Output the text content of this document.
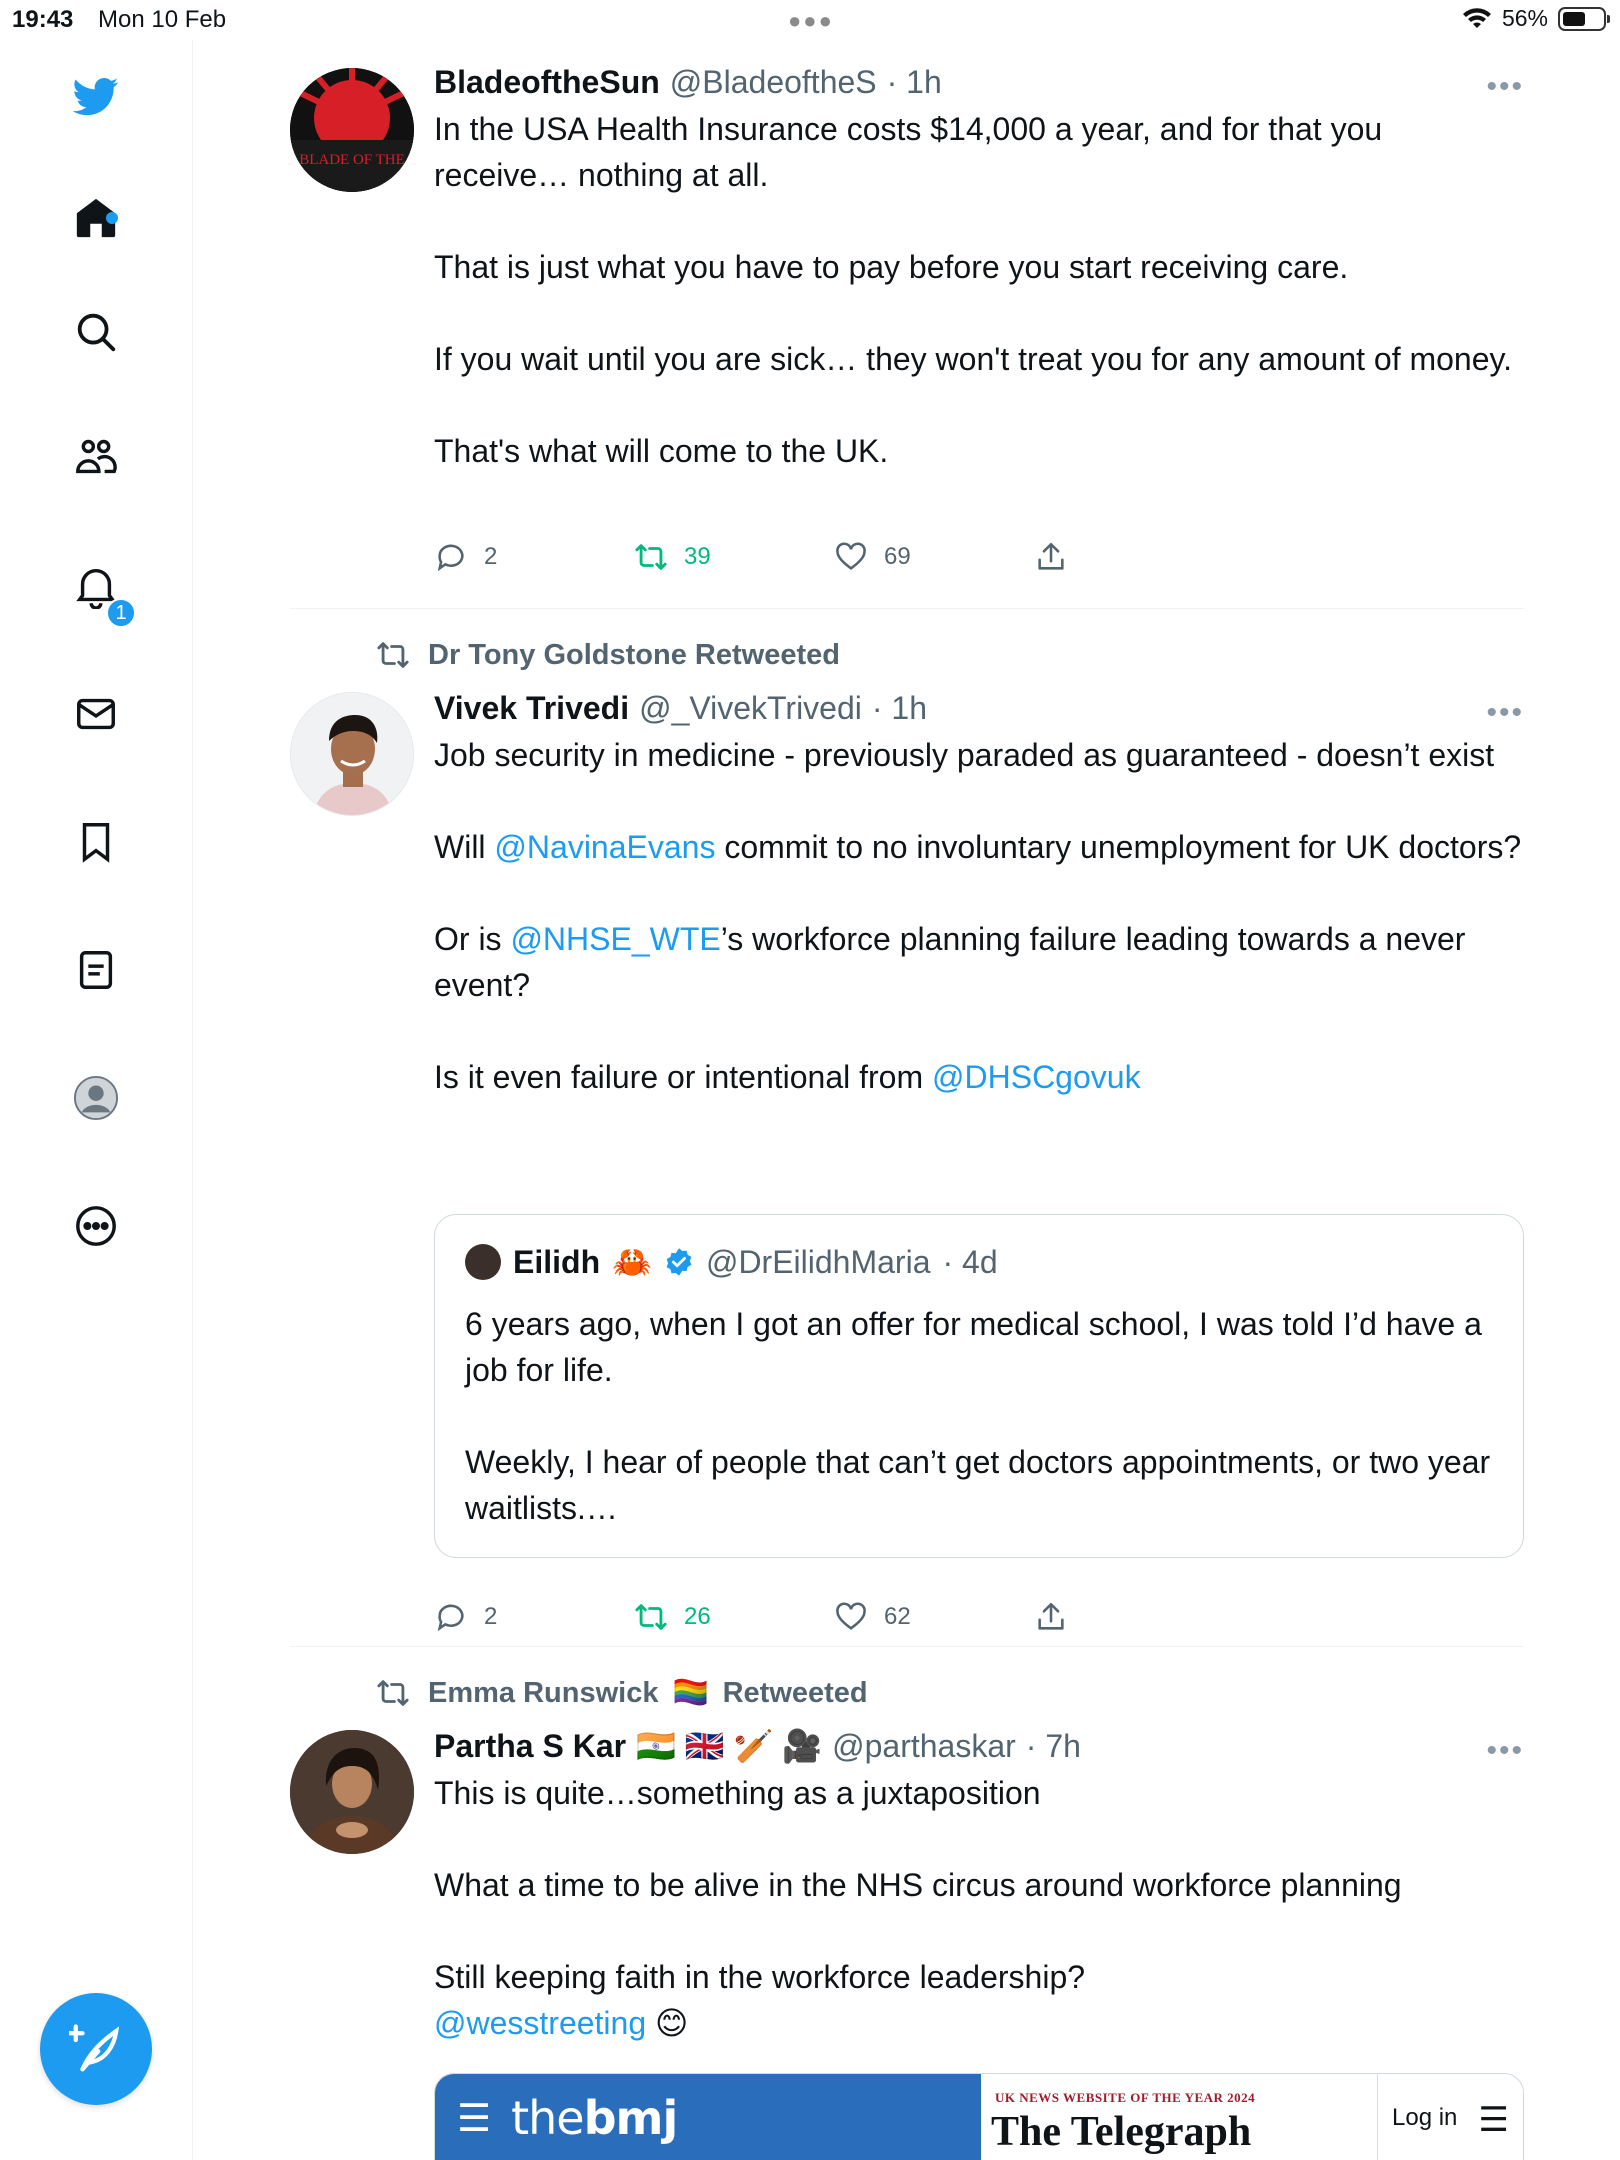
19:43 Mon 10 Feb	●●●	56%
1
BLADE OF THE
BladeoftheSun @BladeoftheS · 1h	•••

In the USA Health Insurance costs $14,000 a year, and for that you receive… nothing at all.

That is just what you have to pay before you start receiving care.

If you wait until you are sick… they won't treat you for any amount of money.

That's what will come to the UK.

2	39	69
Dr Tony Goldstone Retweeted
Vivek Trivedi @_VivekTrivedi · 1h	•••

Job security in medicine - previously paraded as guaranteed - doesn’t exist

Will @NavinaEvans commit to no involuntary unemployment for UK doctors?

Or is @NHSE_WTE’s workforce planning failure leading towards a never event?

Is it even failure or intentional from @DHSCgovuk

Eilidh 🦀 @DrEilidhMaria · 4d

6 years ago, when I got an offer for medical school, I was told I’d have a job for life.

Weekly, I hear of people that can’t get doctors appointments, or two year waitlists.…

2	26	62
Emma Runswick 🏳️‍🌈 Retweeted
Partha S Kar 🇮🇳 🇬🇧 🏏 🎥 @parthaskar · 7h	•••

This is quite…something as a juxtaposition

What a time to be alive in the NHS circus around workforce planning

Still keeping faith in the workforce leadership?
@wesstreeting 😊
☰ thebmj	UK NEWS WEBSITE OF THE YEAR 2024
The Telegraph	Log in ☰
